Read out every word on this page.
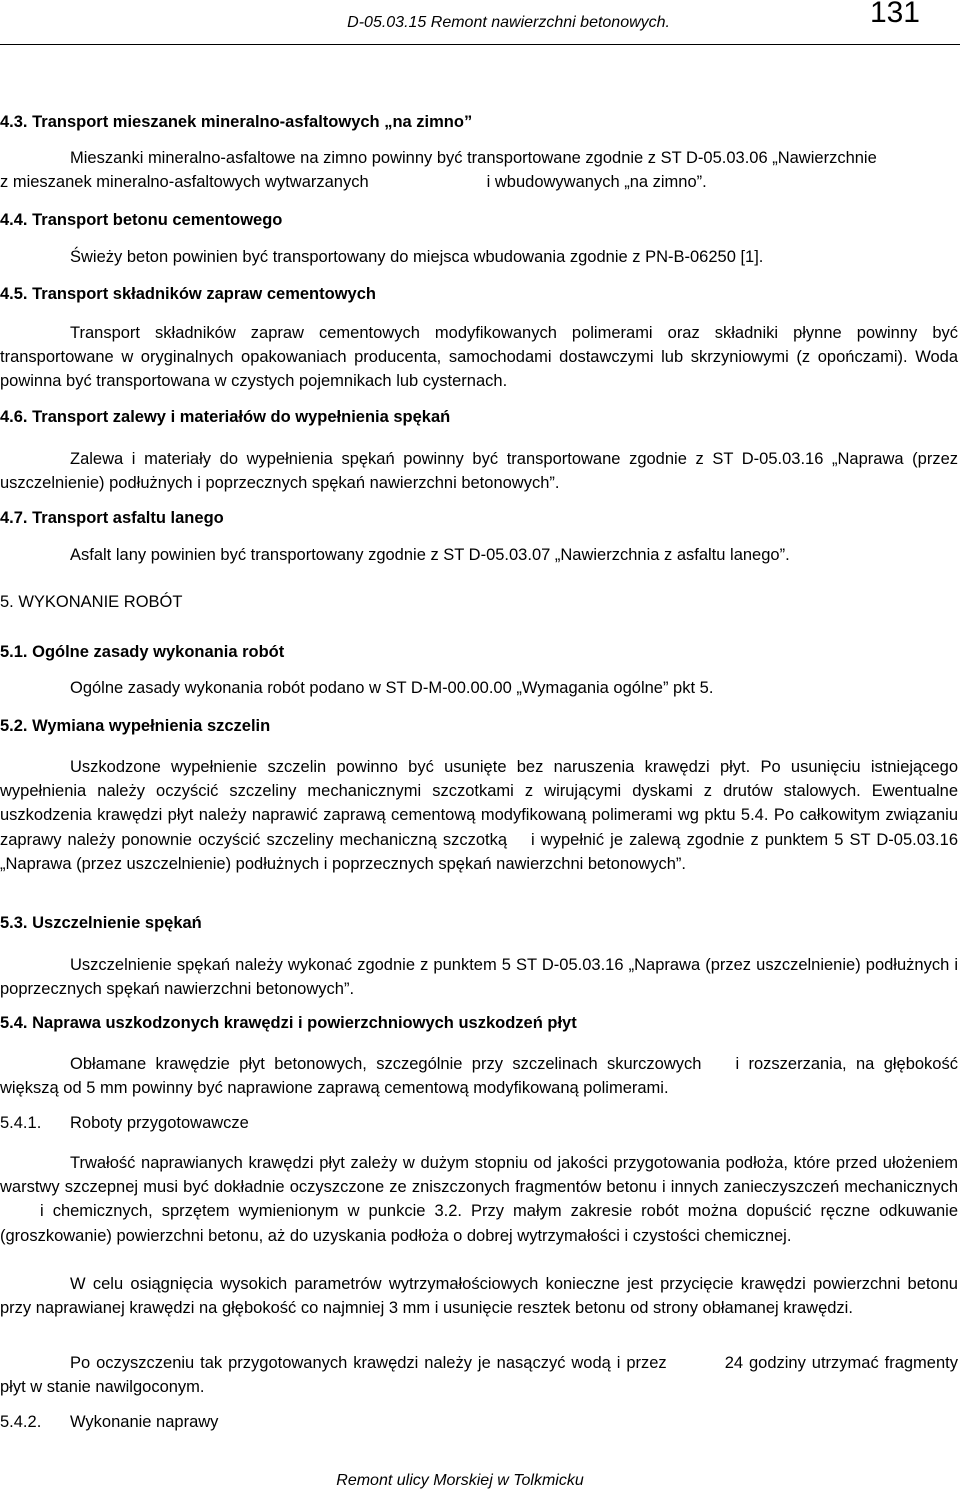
D-05.03.15 Remont nawierzchni betonowych.	131
4.3. Transport mieszanek mineralno-asfaltowych „na zimno”
Mieszanki mineralno-asfaltowe na zimno powinny być transportowane zgodnie z ST D-05.03.06 „Nawierzchnie
z mieszanek mineralno-asfaltowych wytwarzanych	i wbudowywanych „na zimno”.
4.4. Transport betonu cementowego
Świeży beton powinien być transportowany do miejsca wbudowania zgodnie z PN-B-06250 [1].
4.5. Transport składników zapraw cementowych
Transport składników zapraw cementowych modyfikowanych polimerami oraz składniki płynne powinny być transportowane w oryginalnych opakowaniach producenta, samochodami dostawczymi lub skrzyniowymi (z opończami). Woda powinna być transportowana w czystych pojemnikach lub cysternach.
4.6. Transport zalewy i materiałów do wypełnienia spękań
Zalewa i materiały do wypełnienia spękań powinny być transportowane zgodnie z ST D-05.03.16 „Naprawa (przez uszczelnienie) podłużnych i poprzecznych spękań nawierzchni betonowych”.
4.7. Transport asfaltu lanego
Asfalt lany powinien być transportowany zgodnie z ST D-05.03.07 „Nawierzchnia z asfaltu lanego”.
5. WYKONANIE ROBÓT
5.1. Ogólne zasady wykonania robót
Ogólne zasady wykonania robót podano w ST D-M-00.00.00 „Wymagania ogólne” pkt 5.
5.2. Wymiana wypełnienia szczelin
Uszkodzone wypełnienie szczelin powinno być usunięte bez naruszenia krawędzi płyt. Po usunięciu istniejącego wypełnienia należy oczyścić szczeliny mechanicznymi szczotkami z wirującymi dyskami z drutów stalowych. Ewentualne uszkodzenia krawędzi płyt należy naprawić zaprawą cementową modyfikowaną polimerami wg pktu 5.4. Po całkowitym związaniu zaprawy należy ponownie oczyścić szczeliny mechaniczną szczotką i wypełnić je zalewą zgodnie z punktem 5 ST D-05.03.16 „Naprawa (przez uszczelnienie) podłużnych i poprzecznych spękań nawierzchni betonowych”.
5.3. Uszczelnienie spękań
Uszczelnienie spękań należy wykonać zgodnie z punktem 5 ST D-05.03.16 „Naprawa (przez uszczelnienie) podłużnych i poprzecznych spękań nawierzchni betonowych”.
5.4. Naprawa uszkodzonych krawędzi i powierzchniowych uszkodzeń płyt
Obłamane krawędzie płyt betonowych, szczególnie przy szczelinach skurczowych i rozszerzania, na głębokość większą od 5 mm powinny być naprawione zaprawą cementową modyfikowaną polimerami.
5.4.1. Roboty przygotowawcze
Trwałość naprawianych krawędzi płyt zależy w dużym stopniu od jakości przygotowania podłoża, które przed ułożeniem warstwy szczepnej musi być dokładnie oczyszczone ze zniszczonych fragmentów betonu i innych zanieczyszczeń mechanicznychi chemicznych, sprzętem wymienionym w punkcie 3.2. Przy małym zakresie robót można dopuścić ręczne odkuwanie (groszkowanie) powierzchni betonu, aż do uzyskania podłoża o dobrej wytrzymałości i czystości chemicznej.
W celu osiągnięcia wysokich parametrów wytrzymałościowych konieczne jest przycięcie krawędzi powierzchni betonu przy naprawianej krawędzi na głębokość co najmniej 3 mm i usunięcie resztek betonu od strony obłamanej krawędzi.
Po oczyszczeniu tak przygotowanych krawędzi należy je nasączyć wodą i przez	24 godziny utrzymać fragmenty płyt w stanie nawilgoconym.
5.4.2. Wykonanie naprawy
Remont ulicy Morskiej w Tolkmicku
